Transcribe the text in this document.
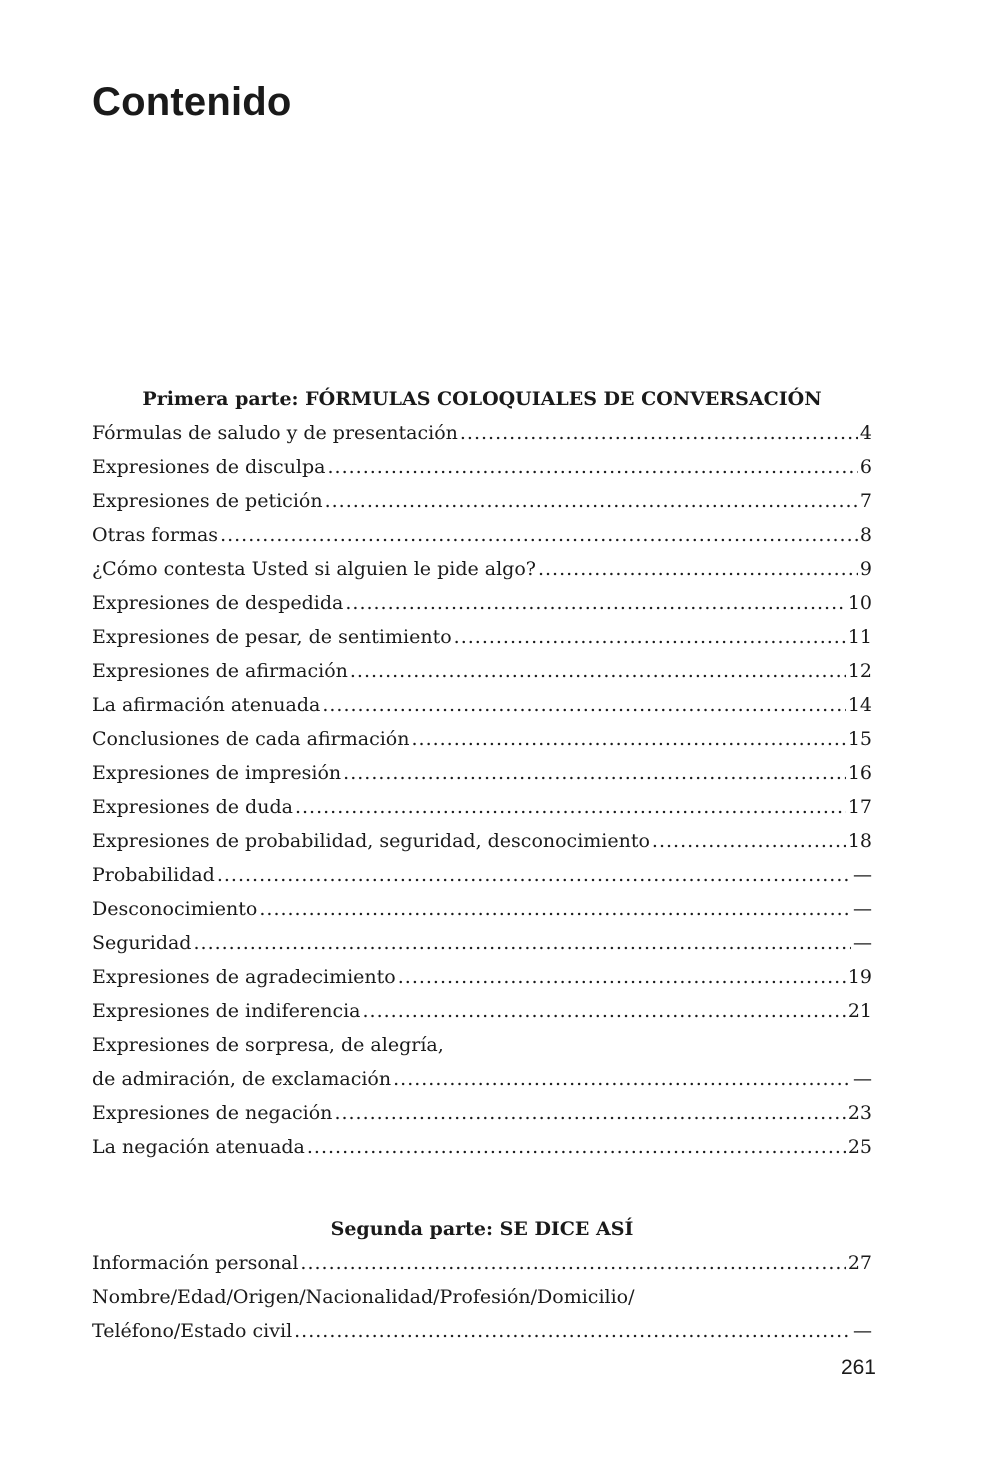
Contenido
Primera parte: FÓRMULAS COLOQUIALES DE CONVERSACIÓN
Fórmulas de saludo y de presentación .....	4
Expresiones de disculpa .....	6
Expresiones de petición .....	7
Otras formas .....	8
¿Cómo contesta Usted si alguien le pide algo? .....	9
Expresiones de despedida .....	10
Expresiones de pesar, de sentimiento .....	11
Expresiones de afirmación .....	12
La afirmación atenuada .....	14
Conclusiones de cada afirmación .....	15
Expresiones de impresión .....	16
Expresiones de duda .....	17
Expresiones de probabilidad, seguridad, desconocimiento .....	18
Probabilidad .....	—
Desconocimiento .....	—
Seguridad .....	—
Expresiones de agradecimiento .....	19
Expresiones de indiferencia .....	21
Expresiones de sorpresa, de alegría,
de admiración, de exclamación .....	—
Expresiones de negación .....	23
La negación atenuada .....	25
Segunda parte: SE DICE ASÍ
Información personal .....	27
Nombre/Edad/Origen/Nacionalidad/Profesión/Domicilio/
Teléfono/Estado civil .....	—
261
